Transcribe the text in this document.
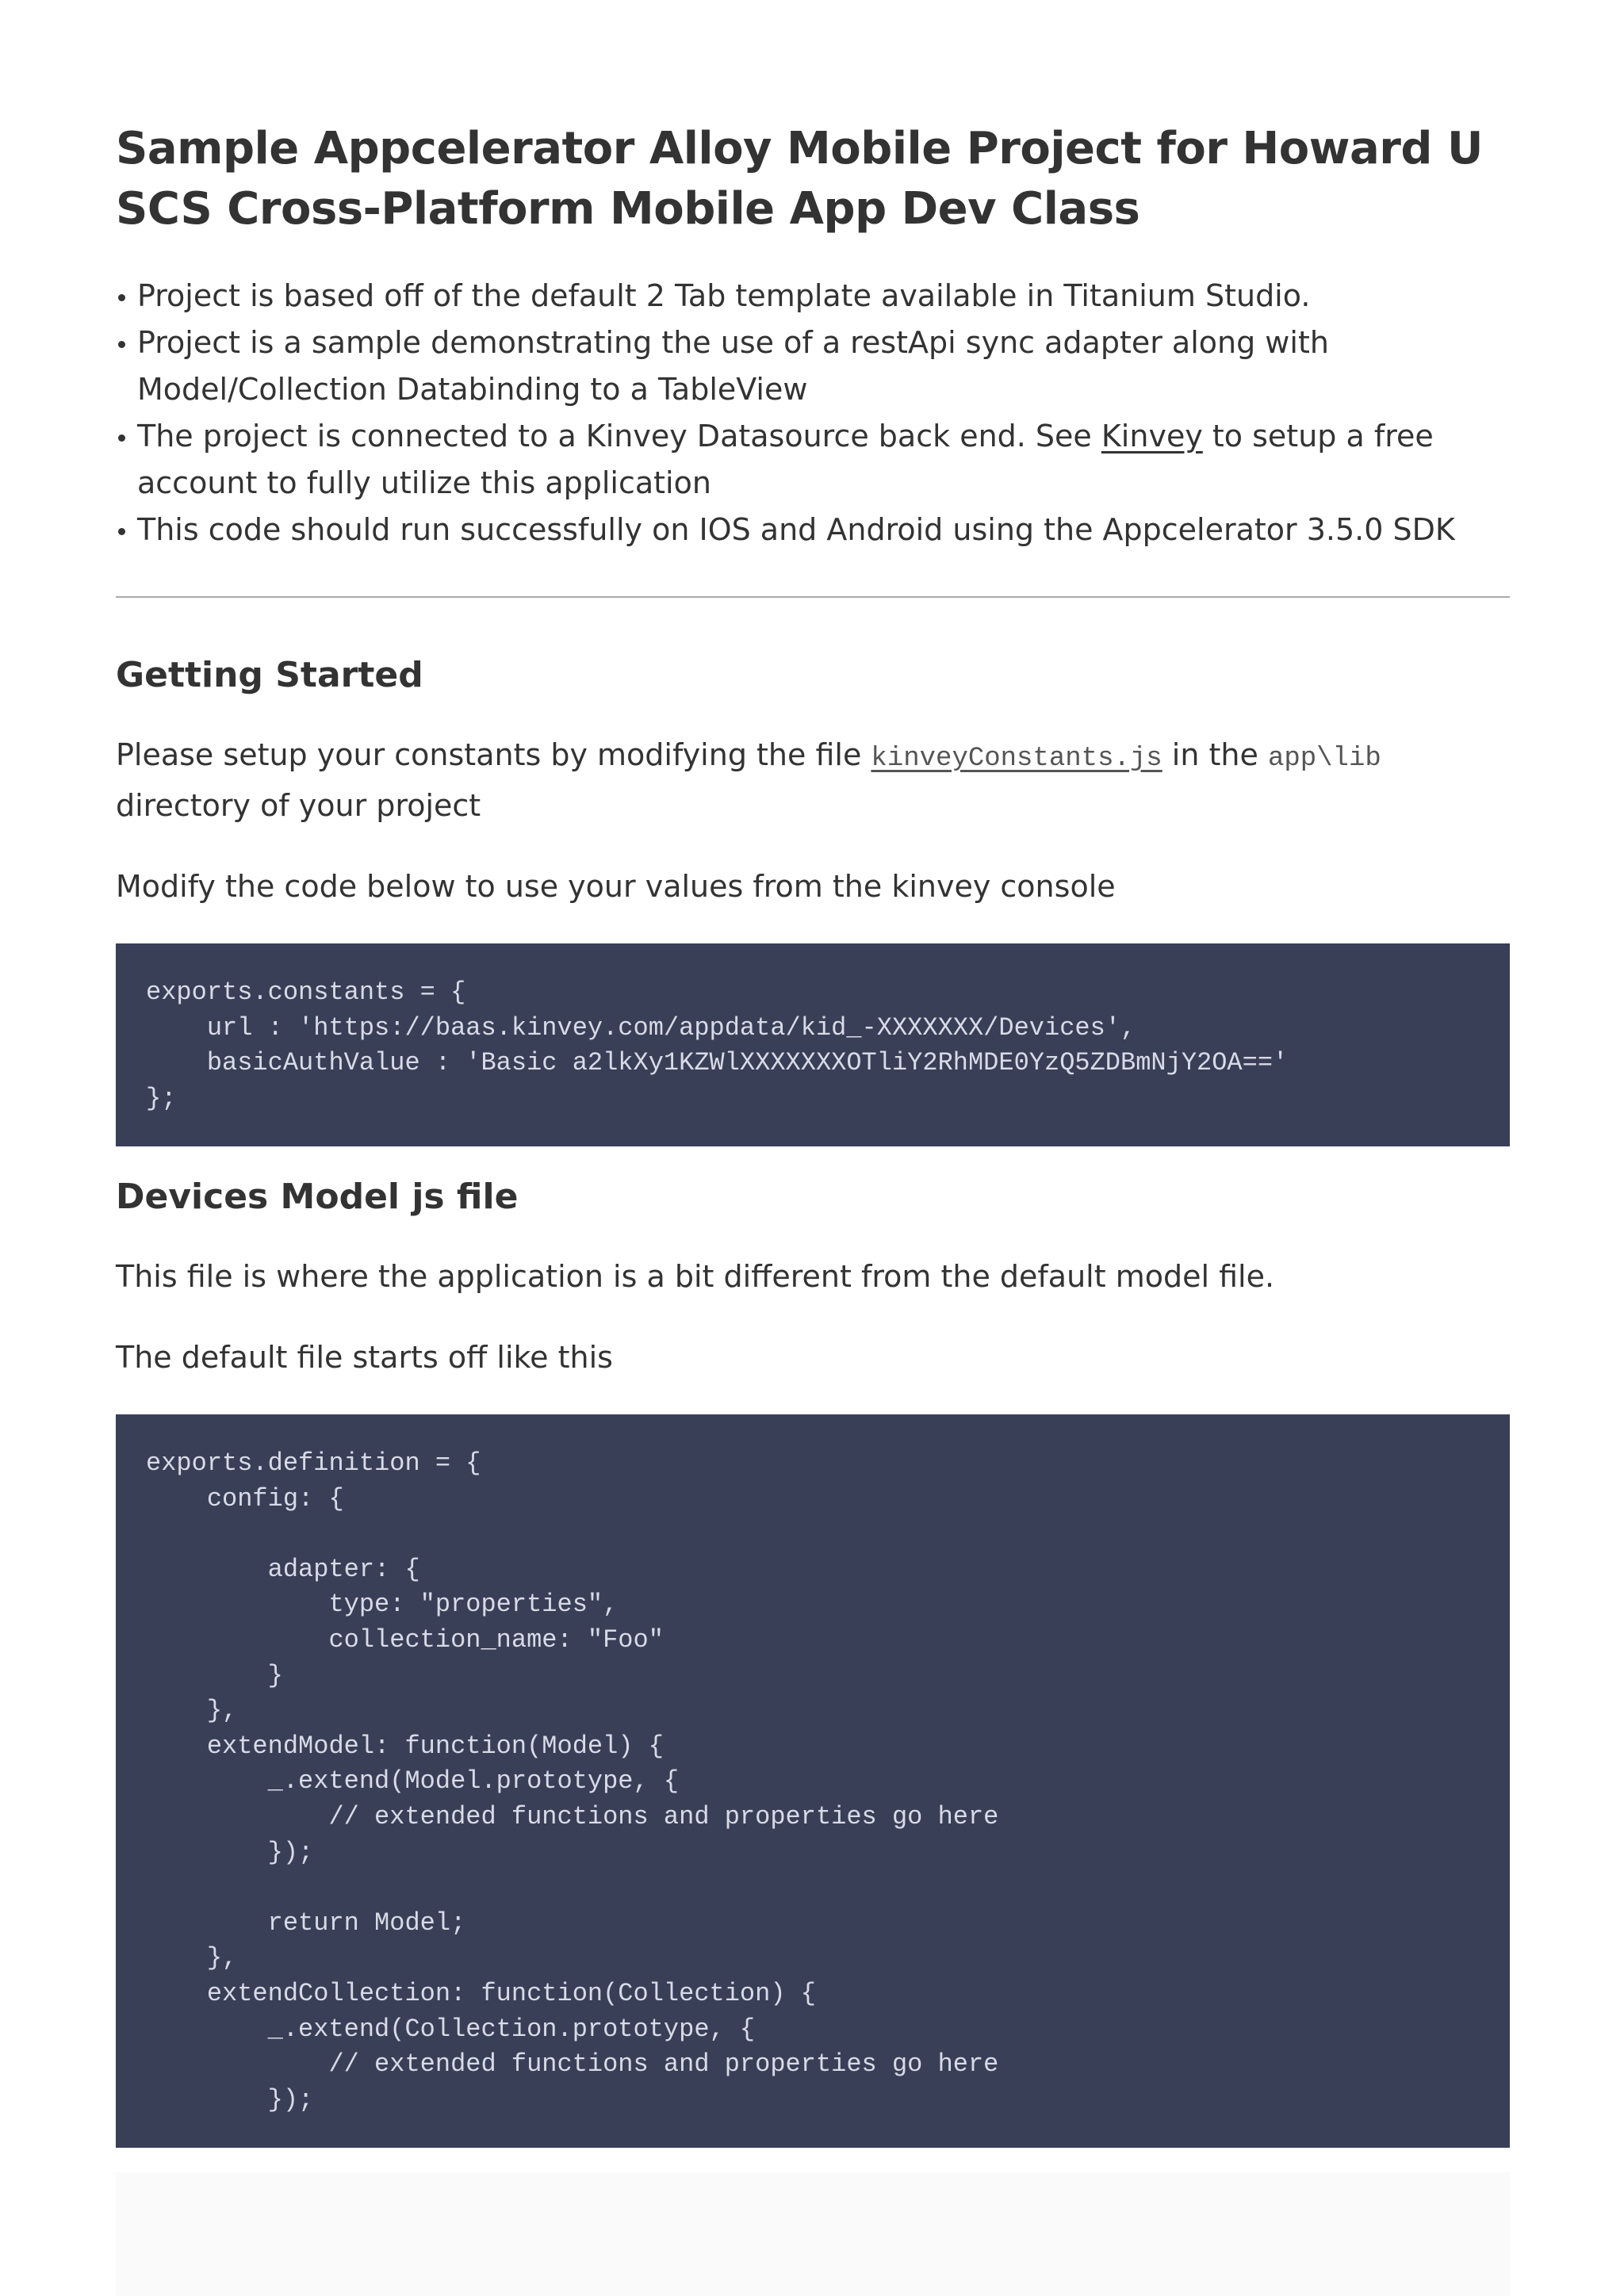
Sample Appcelerator Alloy Mobile Project for Howard U SCS Cross-Platform Mobile App Dev Class
Project is based off of the default 2 Tab template available in Titanium Studio.
Project is a sample demonstrating the use of a restApi sync adapter along with Model/Collection Databinding to a TableView
The project is connected to a Kinvey Datasource back end. See Kinvey to setup a free account to fully utilize this application
This code should run successfully on IOS and Android using the Appcelerator 3.5.0 SDK
Getting Started

Please setup your constants by modifying the file kinveyConstants.js in the app\lib directory of your project

Modify the code below to use your values from the kinvey console

exports.constants = {
url : 'https://baas.kinvey.com/appdata/kid_-XXXXXXX/Devices',
basicAuthValue : 'Basic a2lkXy1KZWlXXXXXXXOTliY2RhMDE0YzQ5ZDBmNjY2OA=='
};
Devices Model js file

This file is where the application is a bit different from the default model file.

The default file starts off like this

exports.definition = {
config: {

adapter: {
type: "properties",
collection_name: "Foo"
}
},
extendModel: function(Model) {
_.extend(Model.prototype, {
// extended functions and properties go here
});

return Model;
},
extendCollection: function(Collection) {
_.extend(Collection.prototype, {
// extended functions and properties go here
});
